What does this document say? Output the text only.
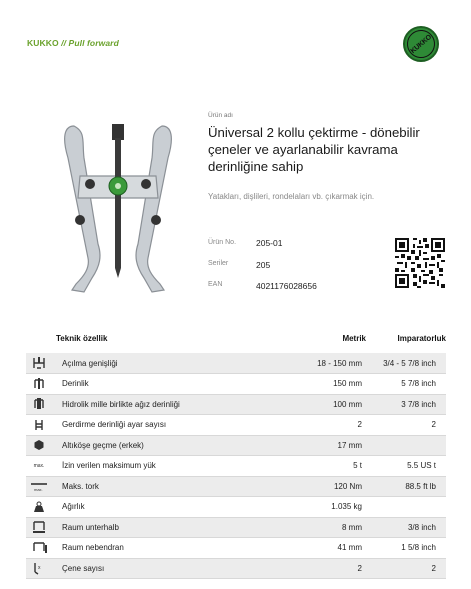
KUKKO // Pull forward	KUKKO
Ürün adı
Üniversal 2 kollu çektirme - dönebilir çeneler ve ayarlanabilir kavrama derinliğine sahip
Yatakları, dişlileri, rondelaları vb. çıkarmak için.
Ürün No. 205-01
Seriler	205
EAN	4021176028656
	Teknik özellik	Metrik	Imparatorluk

	Açılma genişliği	18 - 150 mm	3/4 - 5 7/8 inch

	Derinlik	150 mm	5 7/8 inch

	Hidrolik mille birlikte ağız derinliği	100 mm	3 7/8 inch

	Gerdirme derinliği ayar sayısı	2	2

	Altıköşe geçme (erkek)	17 mm	

max.	İzin verilen maksimum yük	5 t	5.5 US t

max.	Maks. tork	120 Nm	88.5 ft lb

	Ağırlık	1.035 kg	

	Raum unterhalb	8 mm	3/8 inch

	Raum nebendran	41 mm	1 5/8 inch

x	Çene sayısı	2	2
